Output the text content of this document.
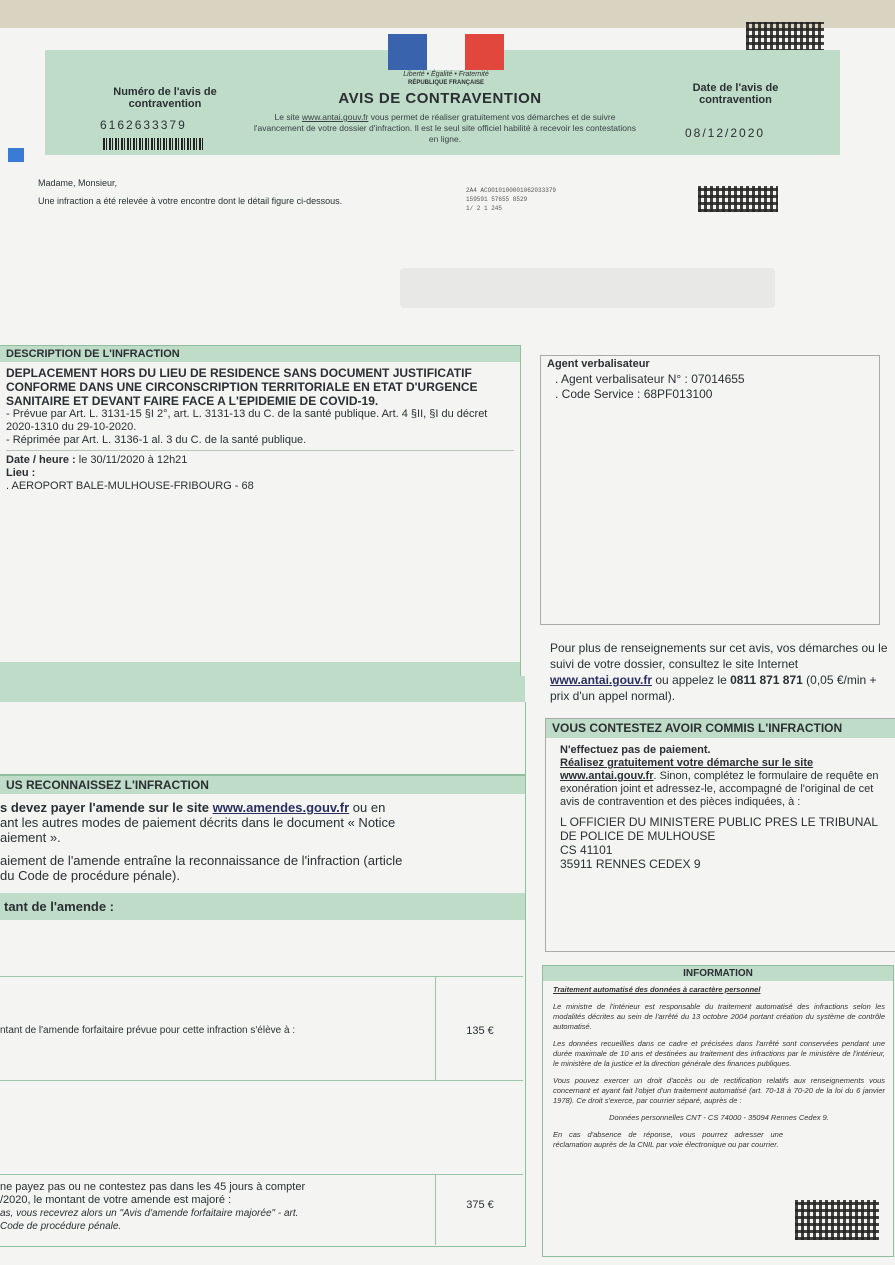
Liberté • Égalité • Fraternité
RÉPUBLIQUE FRANÇAISE
Numéro de l'avis de contravention
6162633379
AVIS DE CONTRAVENTION
Le site www.antai.gouv.fr vous permet de réaliser gratuitement vos démarches et de suivre l'avancement de votre dossier d'infraction. Il est le seul site officiel habilité à recevoir les contestations en ligne.
Date de l'avis de contravention
08/12/2020
Madame, Monsieur,
Une infraction a été relevée à votre encontre dont le détail figure ci-dessous.
2A4 ACO010100001062033379
159591 57655 8529
1/ 2 1 245
DESCRIPTION DE L'INFRACTION
DEPLACEMENT HORS DU LIEU DE RESIDENCE SANS DOCUMENT JUSTIFICATIF CONFORME DANS UNE CIRCONSCRIPTION TERRITORIALE EN ETAT D'URGENCE SANITAIRE ET DEVANT FAIRE FACE A L'EPIDEMIE DE COVID-19.
- Prévue par Art. L. 3131-15 §I 2°, art. L. 3131-13 du C. de la santé publique. Art. 4 §II, §I du décret 2020-1310 du 29-10-2020.
- Réprimée par Art. L. 3136-1 al. 3 du C. de la santé publique.
Date / heure : le 30/11/2020 à 12h21
Lieu :
. AEROPORT BALE-MULHOUSE-FRIBOURG - 68
Agent verbalisateur
. Agent verbalisateur N° : 07014655
. Code Service : 68PF013100
Pour plus de renseignements sur cet avis, vos démarches ou le suivi de votre dossier, consultez le site Internet www.antai.gouv.fr ou appelez le 0811 871 871 (0,05 €/min + prix d'un appel normal).
VOUS CONTESTEZ AVOIR COMMIS L'INFRACTION
N'effectuez pas de paiement.
Réalisez gratuitement votre démarche sur le site www.antai.gouv.fr. Sinon, complétez le formulaire de requête en exonération joint et adressez-le, accompagné de l'original de cet avis de contravention et des pièces indiquées, à :
L OFFICIER DU MINISTERE PUBLIC PRES LE TRIBUNAL DE POLICE DE MULHOUSE
CS 41101
35911 RENNES CEDEX 9
US RECONNAISSEZ L'INFRACTION
s devez payer l'amende sur le site www.amendes.gouv.fr ou en
ant les autres modes de paiement décrits dans le document « Notice
aiement ».
aiement de l'amende entraîne la reconnaissance de l'infraction (article
du Code de procédure pénale).
tant de l'amende :
ntant de l'amende forfaitaire prévue pour cette infraction s'élève à :	135 €
ne payez pas ou ne contestez pas dans les 45 jours à compter
/2020, le montant de votre amende est majoré :
as, vous recevrez alors un "Avis d'amende forfaitaire majorée" - art.
Code de procédure pénale.
375 €
INFORMATION

Traitement automatisé des données à caractère personnel

Le ministre de l'intérieur est responsable du traitement automatisé des infractions selon les modalités décrites au sein de l'arrêté du 13 octobre 2004 portant création du système de contrôle automatisé.

Les données recueillies dans ce cadre et précisées dans l'arrêté sont conservées pendant une durée maximale de 10 ans et destinées au traitement des infractions par le ministère de l'intérieur, le ministère de la justice et la direction générale des finances publiques.

Vous pouvez exercer un droit d'accès ou de rectification relatifs aux renseignements vous concernant et ayant fait l'objet d'un traitement automatisé (art. 70-18 à 70-20 de la loi du 6 janvier 1978). Ce droit s'exerce, par courrier séparé, auprès de :

Données personnelles CNT - CS 74000 - 35094 Rennes Cedex 9.

En cas d'absence de réponse, vous pourrez adresser une réclamation auprès de la CNIL par voie électronique ou par courrier.
